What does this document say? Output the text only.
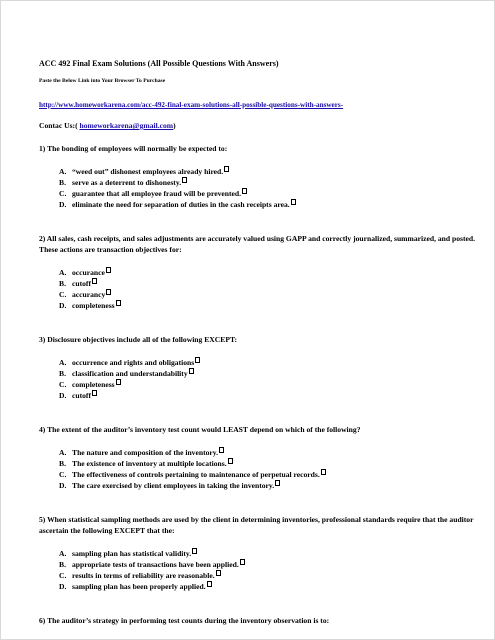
ACC 492 Final Exam Solutions (All Possible Questions With Answers)
Paste the Below Link into Your Browser To Purchase
http://www.homeworkarena.com/acc-492-final-exam-solutions-all-possible-questions-with-answers-
Contac Us:( homeworkarena@gmail.com)
1) The bonding of employees will normally be expected to:
A. “weed out” dishonest employees already hired.
B. serve as a deterrent to dishonesty.
C. guarantee that all employee fraud will be prevented.
D. eliminate the need for separation of duties in the cash receipts area.
2) All sales, cash receipts, and sales adjustments are accurately valued using GAPP and correctly journalized, summarized, and posted. These actions are transaction objectives for:
A. occurance
B. cutoff
C. accurancy
D. completeness
3) Disclosure objectives include all of the following EXCEPT:
A. occurrence and rights and obligations
B. classification and understandability
C. completeness
D. cutoff
4) The extent of the auditor’s inventory test count would LEAST depend on which of the following?
A. The nature and composition of the inventory.
B. The existence of inventory at multiple locations.
C. The effectiveness of controls pertaining to maintenance of perpetual records.
D. The care exercised by client employees in taking the inventory.
5) When statistical sampling methods are used by the client in determining inventories, professional standards require that the auditor ascertain the following EXCEPT that the:
A. sampling plan has statistical validity.
B. appropriate tests of transactions have been applied.
C. results in terms of reliability are reasonable.
D. sampling plan has been properly applied.
6) The auditor’s strategy in performing test counts during the inventory observation is to:
